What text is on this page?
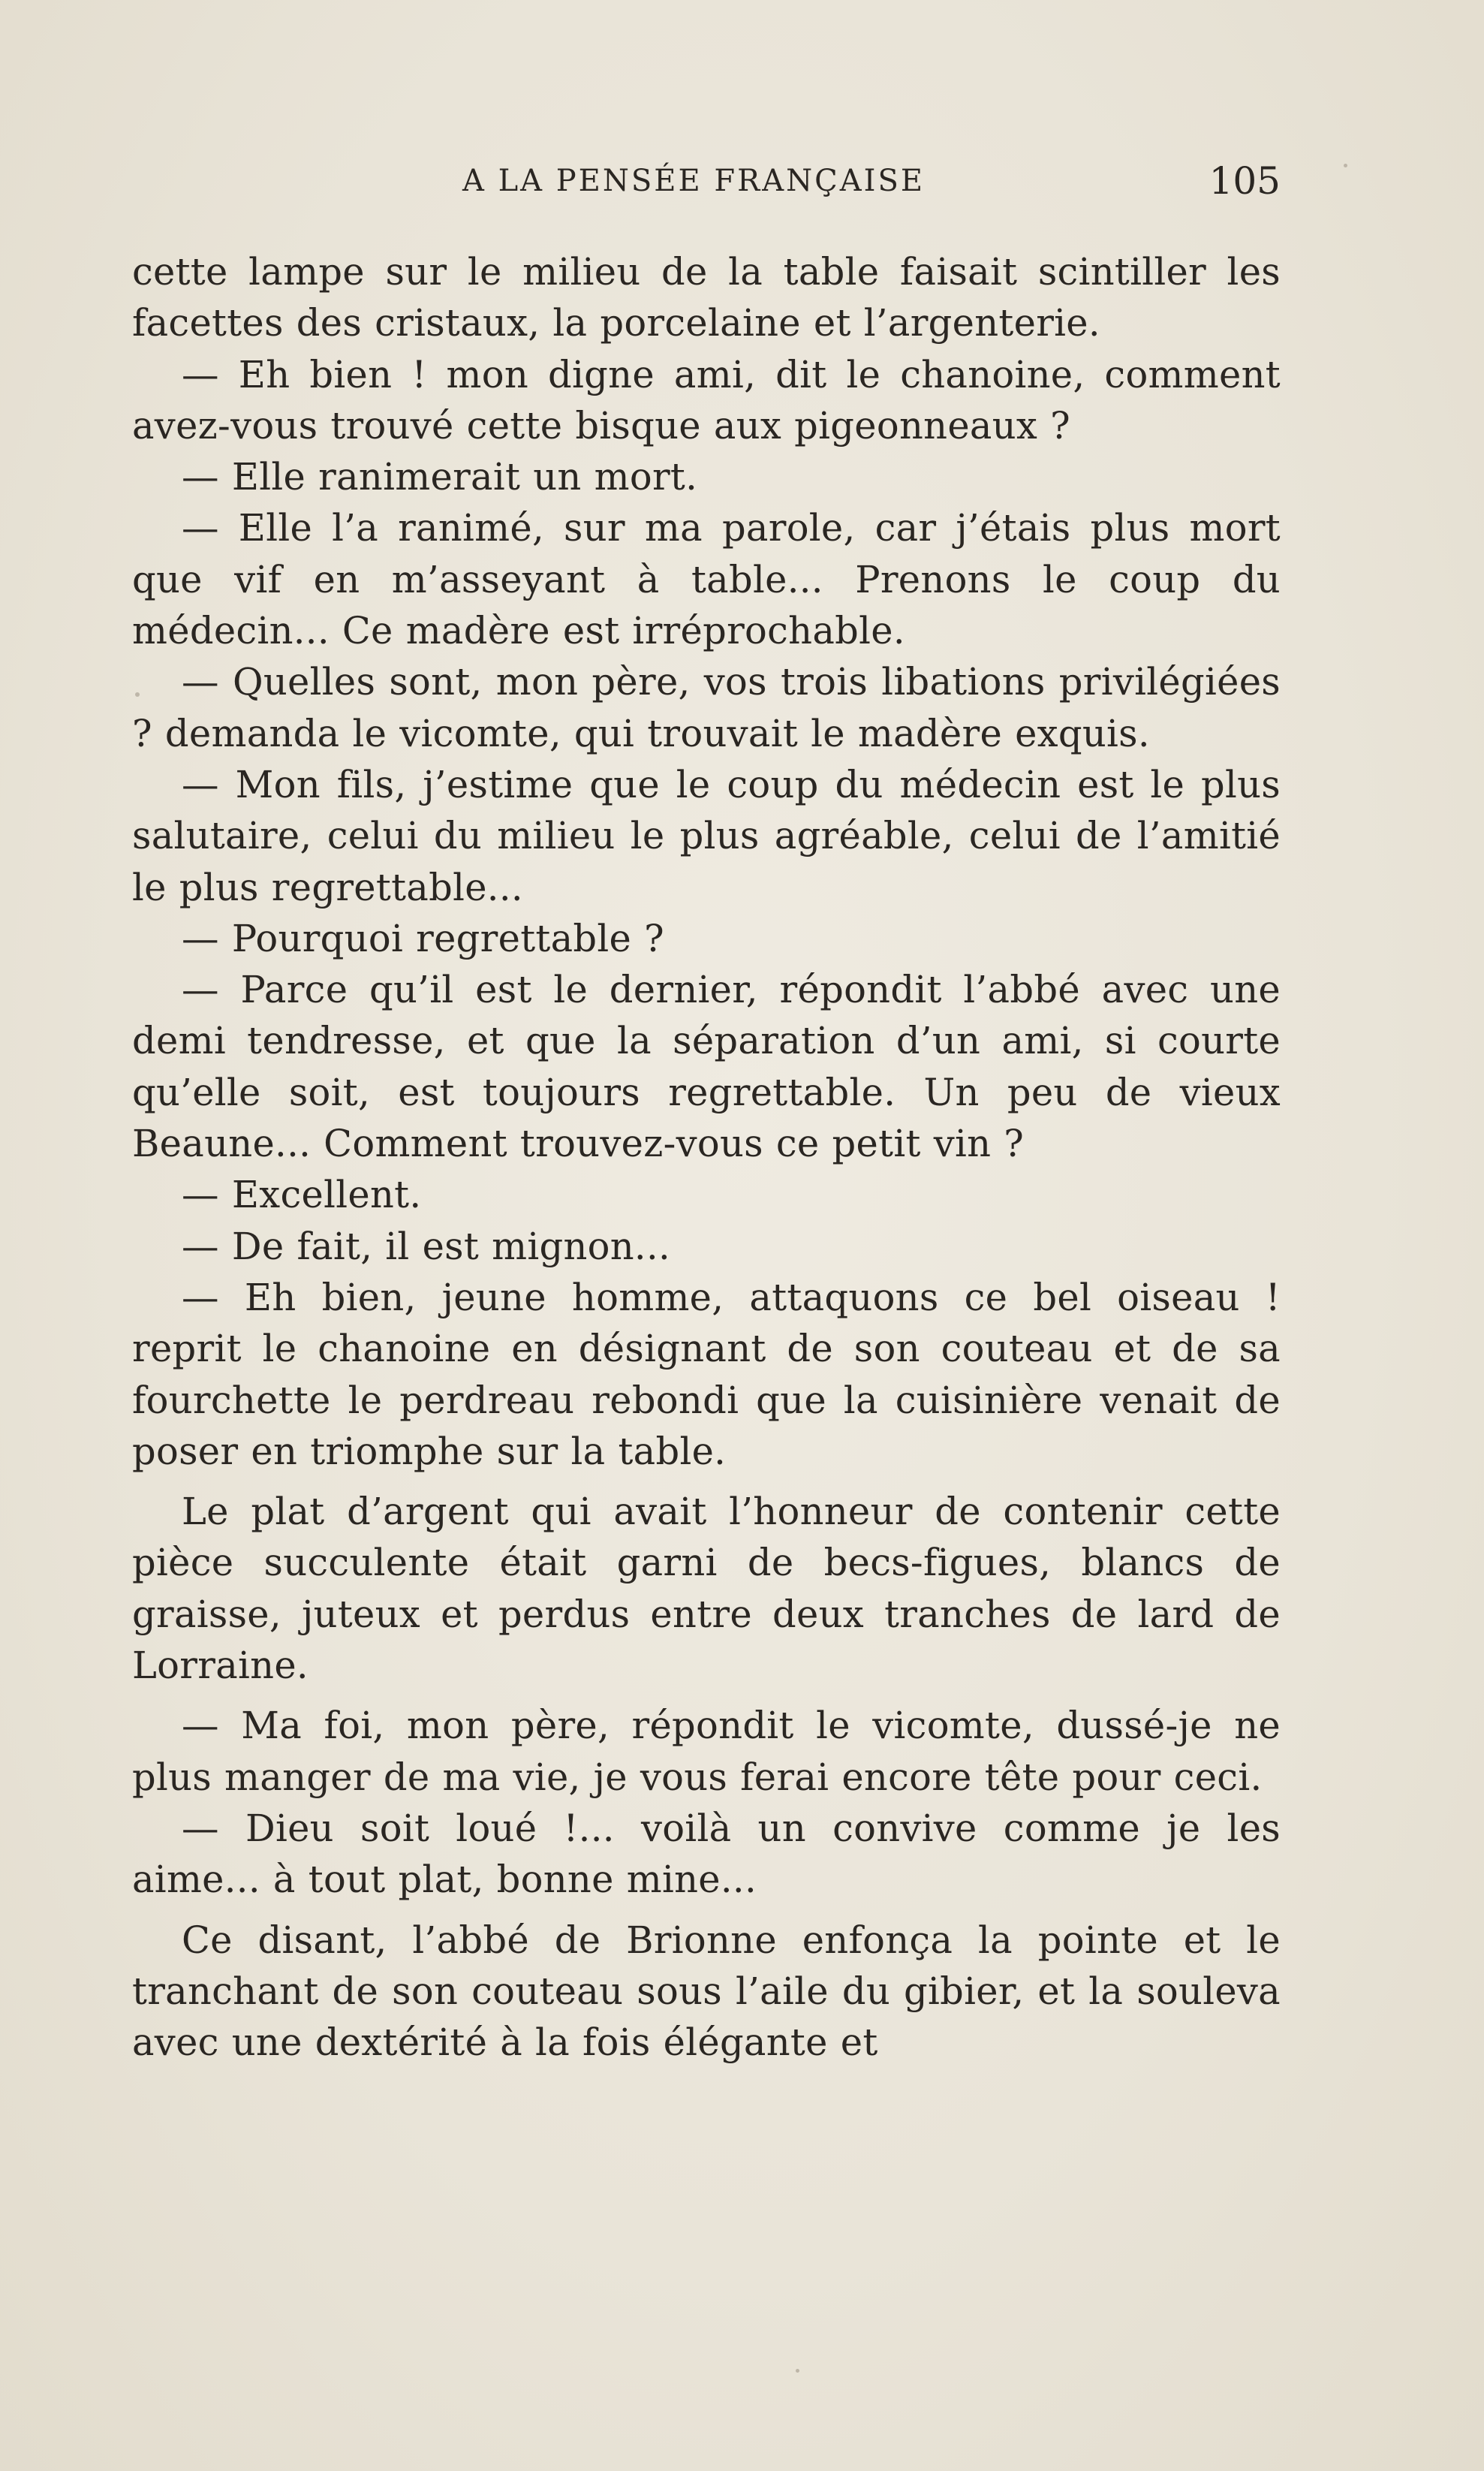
A LA PENSÉE FRANÇAISE	105

cette lampe sur le milieu de la table faisait scintiller les facettes des cristaux, la porcelaine et l’argenterie.

— Eh bien ! mon digne ami, dit le chanoine, comment avez-vous trouvé cette bisque aux pigeonneaux ?

— Elle ranimerait un mort.

— Elle l’a ranimé, sur ma parole, car j’étais plus mort que vif en m’asseyant à table... Prenons le coup du médecin... Ce madère est irréprochable.

— Quelles sont, mon père, vos trois libations privilégiées ? demanda le vicomte, qui trouvait le madère exquis.

— Mon fils, j’estime que le coup du médecin est le plus salutaire, celui du milieu le plus agréable, celui de l’amitié le plus regrettable...

— Pourquoi regrettable ?

— Parce qu’il est le dernier, répondit l’abbé avec une demi tendresse, et que la séparation d’un ami, si courte qu’elle soit, est toujours regrettable. Un peu de vieux Beaune... Comment trouvez-vous ce petit vin ?

— Excellent.

— De fait, il est mignon...

— Eh bien, jeune homme, attaquons ce bel oiseau ! reprit le chanoine en désignant de son couteau et de sa fourchette le perdreau rebondi que la cuisinière venait de poser en triomphe sur la table.

Le plat d’argent qui avait l’honneur de contenir cette pièce succulente était garni de becs-figues, blancs de graisse, juteux et perdus entre deux tranches de lard de Lorraine.

— Ma foi, mon père, répondit le vicomte, dussé-je ne plus manger de ma vie, je vous ferai encore tête pour ceci.

— Dieu soit loué !... voilà un convive comme je les aime... à tout plat, bonne mine...

Ce disant, l’abbé de Brionne enfonça la pointe et le tranchant de son couteau sous l’aile du gibier, et la souleva avec une dextérité à la fois élégante et
